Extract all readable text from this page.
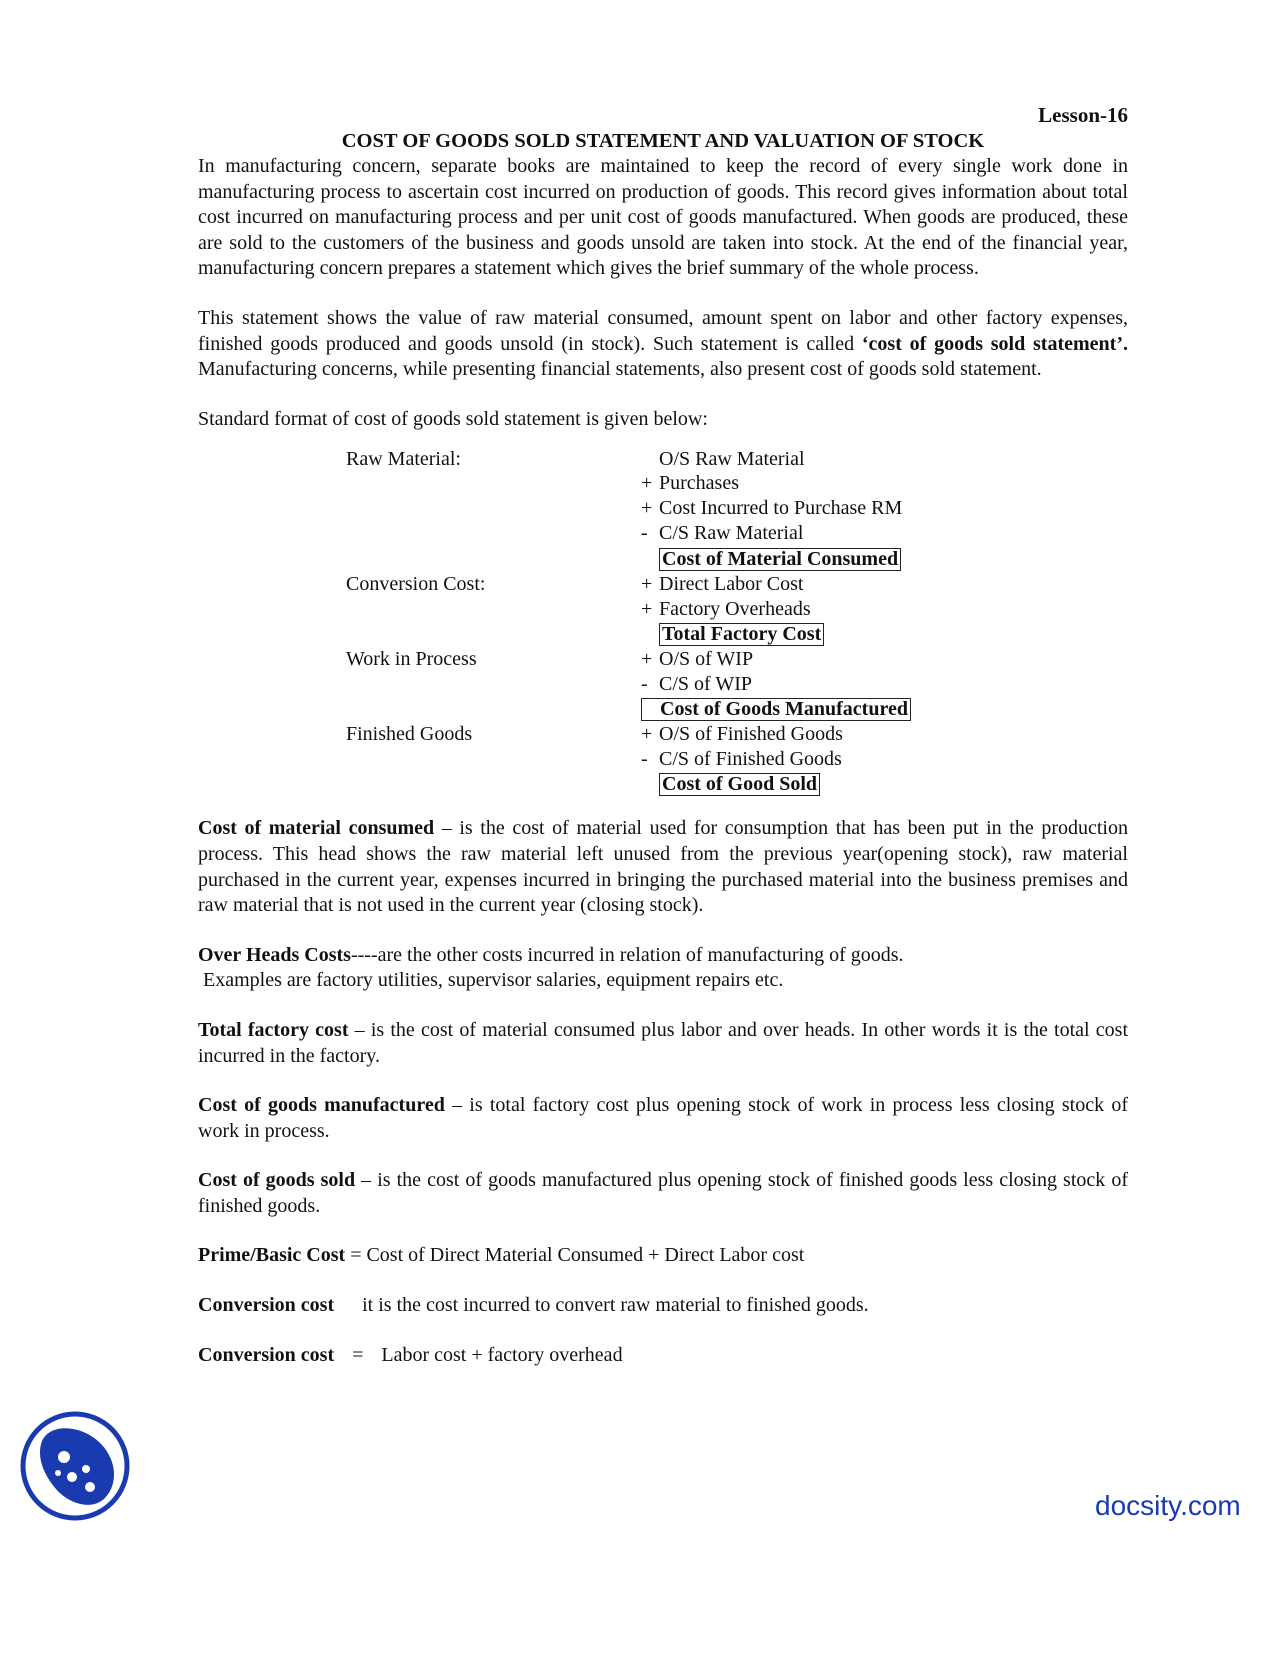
Lesson-16
COST OF GOODS SOLD STATEMENT AND VALUATION OF STOCK

In manufacturing concern, separate books are maintained to keep the record of every single work done in manufacturing process to ascertain cost incurred on production of goods. This record gives information about total cost incurred on manufacturing process and per unit cost of goods manufactured. When goods are produced, these are sold to the customers of the business and goods unsold are taken into stock. At the end of the financial year, manufacturing concern prepares a statement which gives the brief summary of the whole process.

This statement shows the value of raw material consumed, amount spent on labor and other factory expenses, finished goods produced and goods unsold (in stock). Such statement is called ‘cost of goods sold statement’. Manufacturing concerns, while presenting financial statements, also present cost of goods sold statement.

Standard format of cost of goods sold statement is given below:

Raw Material:
Conversion Cost:
Work in Process
Finished Goods
O/S Raw Material
+ Purchases
+ Cost Incurred to Purchase RM
- C/S Raw Material
Cost of Material Consumed
+ Direct Labor Cost
+ Factory Overheads
Total Factory Cost
+ O/S of WIP
- C/S of WIP
Cost of Goods Manufactured
+ O/S of Finished Goods
- C/S of Finished Goods
Cost of Good Sold

Cost of material consumed – is the cost of material used for consumption that has been put in the production process. This head shows the raw material left unused from the previous year(opening stock), raw material purchased in the current year, expenses incurred in bringing the purchased material into the business premises and raw material that is not used in the current year (closing stock).

Over Heads Costs----are the other costs incurred in relation of manufacturing of goods.
Examples are factory utilities, supervisor salaries, equipment repairs etc.

Total factory cost – is the cost of material consumed plus labor and over heads. In other words it is the total cost incurred in the factory.

Cost of goods manufactured – is total factory cost plus opening stock of work in process less closing stock of work in process.

Cost of goods sold – is the cost of goods manufactured plus opening stock of finished goods less closing stock of finished goods.

Prime/Basic Cost = Cost of Direct Material Consumed + Direct Labor cost

Conversion cost it is the cost incurred to convert raw material to finished goods.

Conversion cost = Labor cost + factory overhead

docsity.com
